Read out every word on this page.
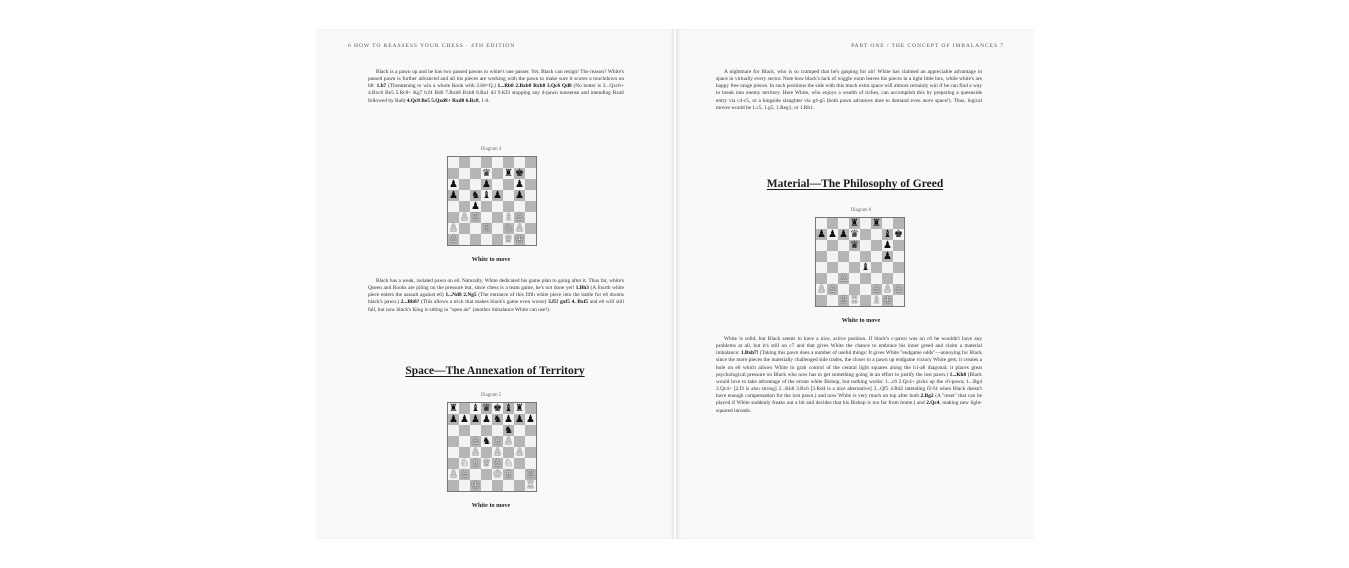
6 HOW TO REASSESS YOUR CHESS · 4TH EDITION

Black is a pawn up and he has two passed pawns to white's one passer. Yet, Black can resign! The reason? White's passed pawn is further advanced and all his pieces are working with the pawn to make sure it scores a touchdown on b8: 1.b7 (Threatening to win a whole Rook with 2.b8=Q.) 1...Rb8 2.Bxb8 Rxb8 3.Qc6 Qd8 (No better is 3...Qxc6+ 4.Rxc6 Be5 5.Rc8+ Kg7 6.f4 Bd6 7.Rxb8 Bxb8 8.Ra1 d3 9.Kf3 stopping any d-pawn nonsense and intending Rxa6 followed by Ra8) 4.Qc8 Be5 5.Qxd8+ Rxd8 6.Rc8, 1-0.

Diagram 4
♛ ♜ ♚
♟ ♟ ♟
♟ ♞ ♝ ♟ ♟
♟
♙ ♖ ♗ ♙
♙ ♖ ♘ ♙
♙	♕ ♔
White to move

Black has a weak, isolated pawn on e6. Naturally, White dedicated his game plan to going after it. Thus far, white's Queen and Rooks are piling on the pressure but, since chess is a team game, he's not done yet! 1.Bh3 (A fourth white piece enters the assault against e6) 1...Nd8 2.Ng5 (The entrance of this fifth white piece into the battle for e6 dooms black's pawn.) 2...Bb8? (This allows a trick that makes black's game even worse) 3.f5! gxf5 4. Bxf5 and e6 will still fall, but now black's King is sitting in "open air" (another imbalance White can use!).

Space—The Annexation of Territory
Diagram 5
♜ ♝ ♛ ♚ ♝ ♜
♟ ♟ ♟ ♟ ♞ ♟ ♟ ♟
♞
♙ ♞ ♗ ♙
♙ ♙ ♙
♘ ♗ ♕ ♙ ♘
♙ ♙ ♔ ♗ ♖
♔	♖
White to move
PART ONE / THE CONCEPT OF IMBALANCES 7

A nightmare for Black, who is so cramped that he's gasping for air! White has claimed an appreciable advantage in space in virtually every sector. Note how black's lack of wiggle room leaves his pieces in a tight little box, while white's are happy free range pieces. In such positions the side with this much extra space will almost certainly win if he can find a way to break into enemy territory. Here White, who enjoys a wealth of riches, can accomplish this by preparing a queenside entry via c4-c5, or a kingside slaughter via g4-g5 (both pawn advances dare to demand even more space!). Thus, logical moves would be 1.c5, 1.g5, 1.Reg1, or 1.Rh1.

Material—The Philosophy of Greed
Diagram 6
♜ ♜
♟ ♟ ♟ ♛ ♝ ♚
♛ ♟
♟
♝
♙
♙ ♙	♙ ♙ ♙
♖ ♖ ♗ ♔
White to move

White is solid, but Black seems to have a nice, active position. If black's c-pawn was on c6 he wouldn't have any problems at all, but it's still on c7 and that gives White the chance to embrace his inner greed and claim a material imbalance: 1.Bxh7! (Taking this pawn does a number of useful things: It gives White "endgame odds"—annoying for Black since the more pieces the materially challenged side trades, the closer to a pawn up endgame victory White gets; it creates a hole on e6 which allows White to grab control of the central light squares along the h1-a8 diagonal; it places great psychological pressure on Black who now has to get something going in an effort to justify the lost pawn.) 1...Kh8 (Black would love to take advantage of the errant white Bishop, but nothing works: 1...c6 2.Qc4+ picks up the c6-pawn; 1...Bg4 2.Qc4+ [2.f3 is also strong] 2...Kh8 3.Bc6 [3.Rd4 is a nice alternative] 3...Qf5 4.Rd2 intending f2-f4 when Black doesn't have enough compensation for the lost pawn.) and now White is very much on top after both 2.Bg2 (A "reset" that can be played if White suddenly freaks out a bit and decides that his Bishop is too far from home.) and 2.Qc4, making new light-squared inroads.
